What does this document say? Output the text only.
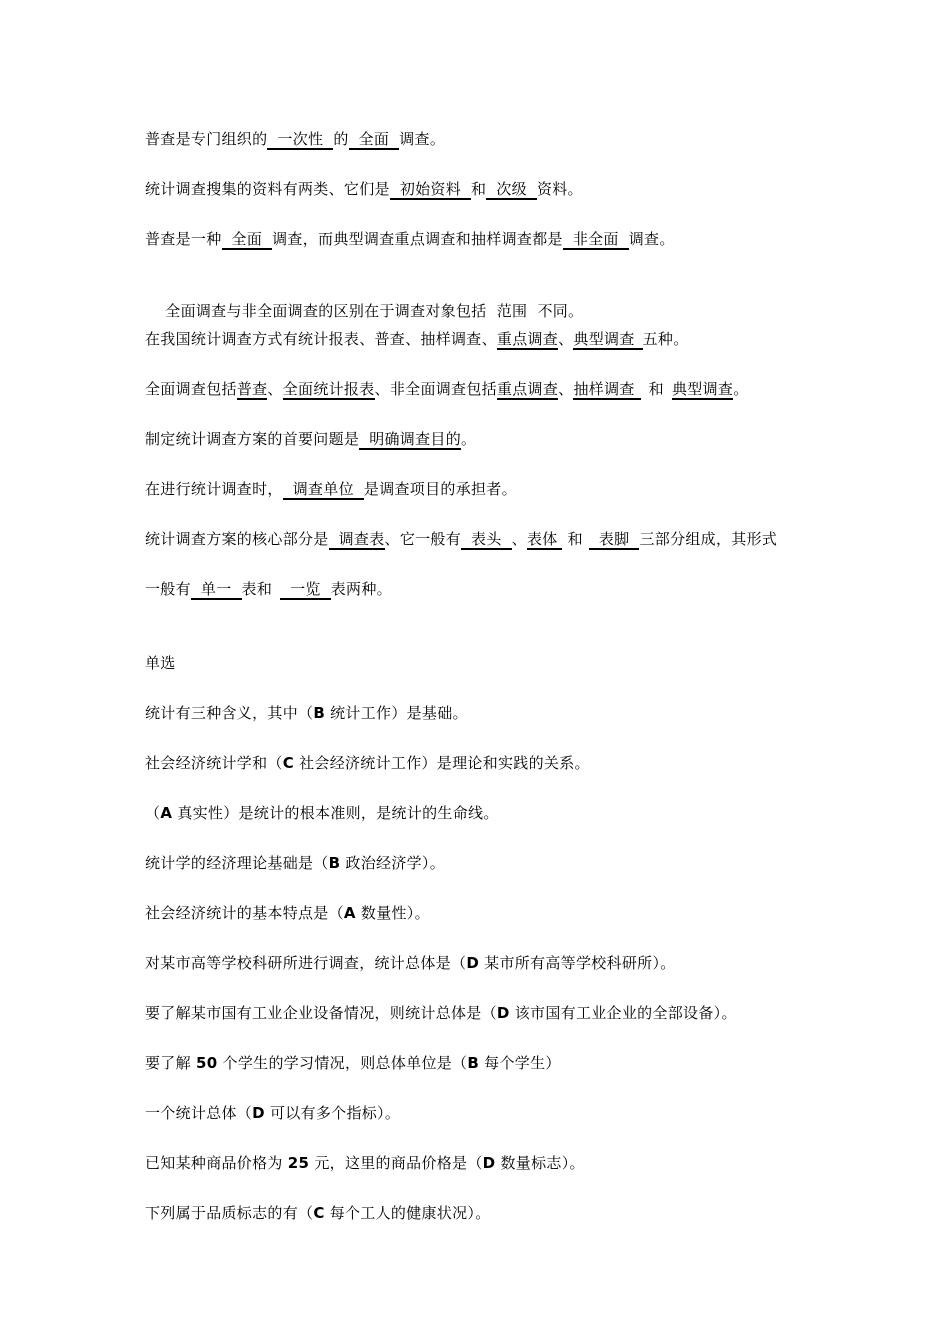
普查是专门组织的 一次性 的 全面 调查。
统计调查搜集的资料有两类、它们是 初始资料 和 次级 资料。
普查是一种 全面 调查，而典型调查重点调查和抽样调查都是 非全面 调查。

全面调查与非全面调查的区别在于调查对象包括  范围  不同。

在我国统计调查方式有统计报表、普查、抽样调查、重点调查、典型调查 五种。
全面调查包括普查、全面统计报表、非全面调查包括重点调查、抽样调查 和 典型调查。
制定统计调查方案的首要问题是 明确调查目的。
在进行统计调查时， 调查单位 是调查项目的承担者。
统计调查方案的核心部分是 调查表、它一般有 表头 、表体 和 表脚 三部分组成，其形式
一般有 单一 表和 一览 表两种。
单选
统计有三种含义，其中（B 统计工作）是基础。
社会经济统计学和（C 社会经济统计工作）是理论和实践的关系。
（A 真实性）是统计的根本准则，是统计的生命线。
统计学的经济理论基础是（B 政治经济学）。
社会经济统计的基本特点是（A 数量性）。
对某市高等学校科研所进行调查，统计总体是（D 某市所有高等学校科研所）。
要了解某市国有工业企业设备情况，则统计总体是（D 该市国有工业企业的全部设备）。
要了解 50 个学生的学习情况，则总体单位是（B 每个学生）
一个统计总体（D 可以有多个指标）。
已知某种商品价格为 25 元，这里的商品价格是（D 数量标志）。
下列属于品质标志的有（C 每个工人的健康状况）。
